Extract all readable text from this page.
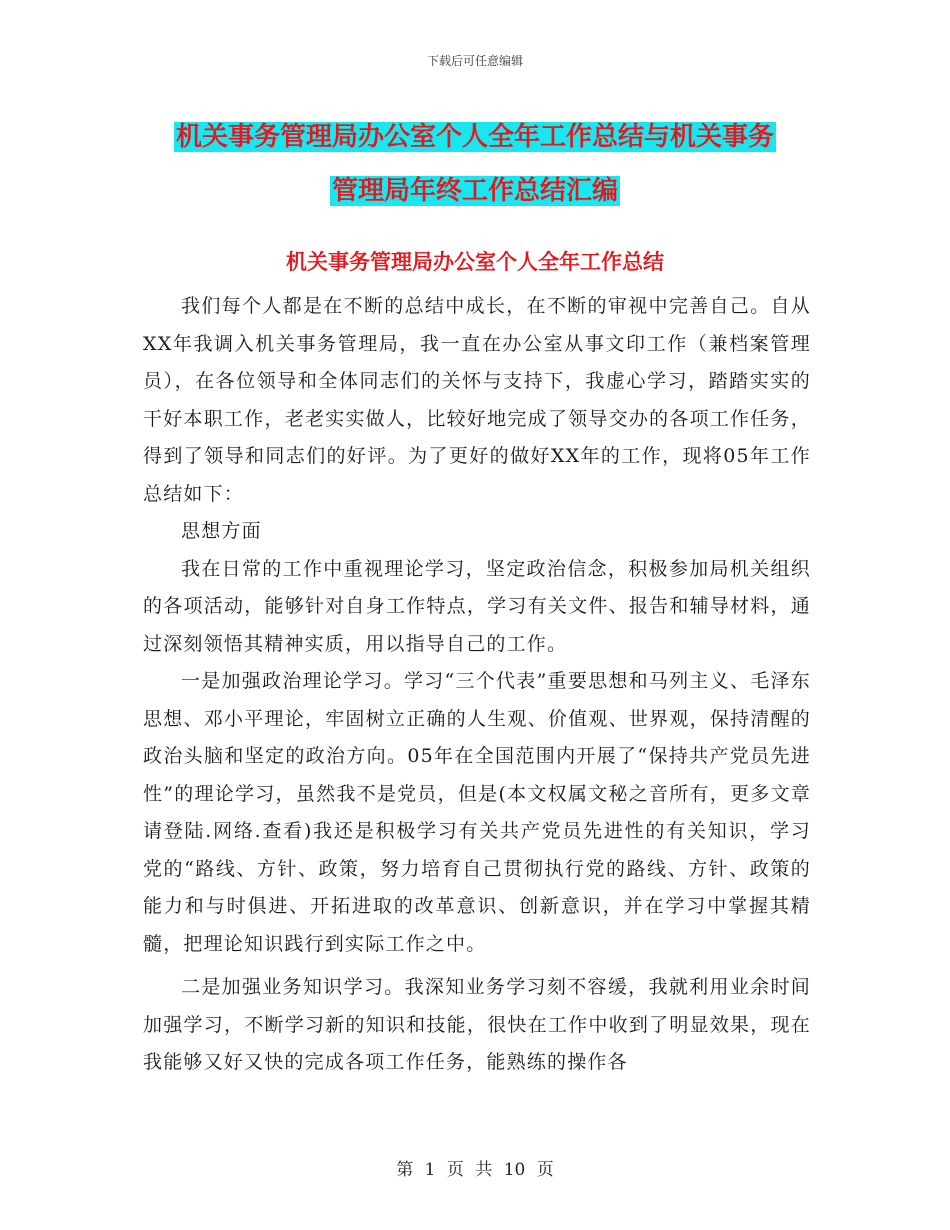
下载后可任意编辑
机关事务管理局办公室个人全年工作总结与机关事务
管理局年终工作总结汇编
机关事务管理局办公室个人全年工作总结

我们每个人都是在不断的总结中成长，在不断的审视中完善自己。自从XX年我调入机关事务管理局，我一直在办公室从事文印工作（兼档案管理员），在各位领导和全体同志们的关怀与支持下，我虚心学习，踏踏实实的干好本职工作，老老实实做人，比较好地完成了领导交办的各项工作任务，得到了领导和同志们的好评。为了更好的做好XX年的工作，现将05年工作总结如下：

思想方面

我在日常的工作中重视理论学习，坚定政治信念，积极参加局机关组织的各项活动，能够针对自身工作特点，学习有关文件、报告和辅导材料，通过深刻领悟其精神实质，用以指导自己的工作。

一是加强政治理论学习。学习“三个代表”重要思想和马列主义、毛泽东思想、邓小平理论，牢固树立正确的人生观、价值观、世界观，保持清醒的政治头脑和坚定的政治方向。05年在全国范围内开展了“保持共产党员先进性”的理论学习，虽然我不是党员，但是(本文权属文秘之音所有，更多文章请登陆.网络.查看)我还是积极学习有关共产党员先进性的有关知识，学习党的“路线、方针、政策，努力培育自己贯彻执行党的路线、方针、政策的能力和与时俱进、开拓进取的改革意识、创新意识，并在学习中掌握其精髓，把理论知识践行到实际工作之中。

二是加强业务知识学习。我深知业务学习刻不容缓，我就利用业余时间加强学习，不断学习新的知识和技能，很快在工作中收到了明显效果，现在我能够又好又快的完成各项工作任务，能熟练的操作各

第 1 页 共 10 页
